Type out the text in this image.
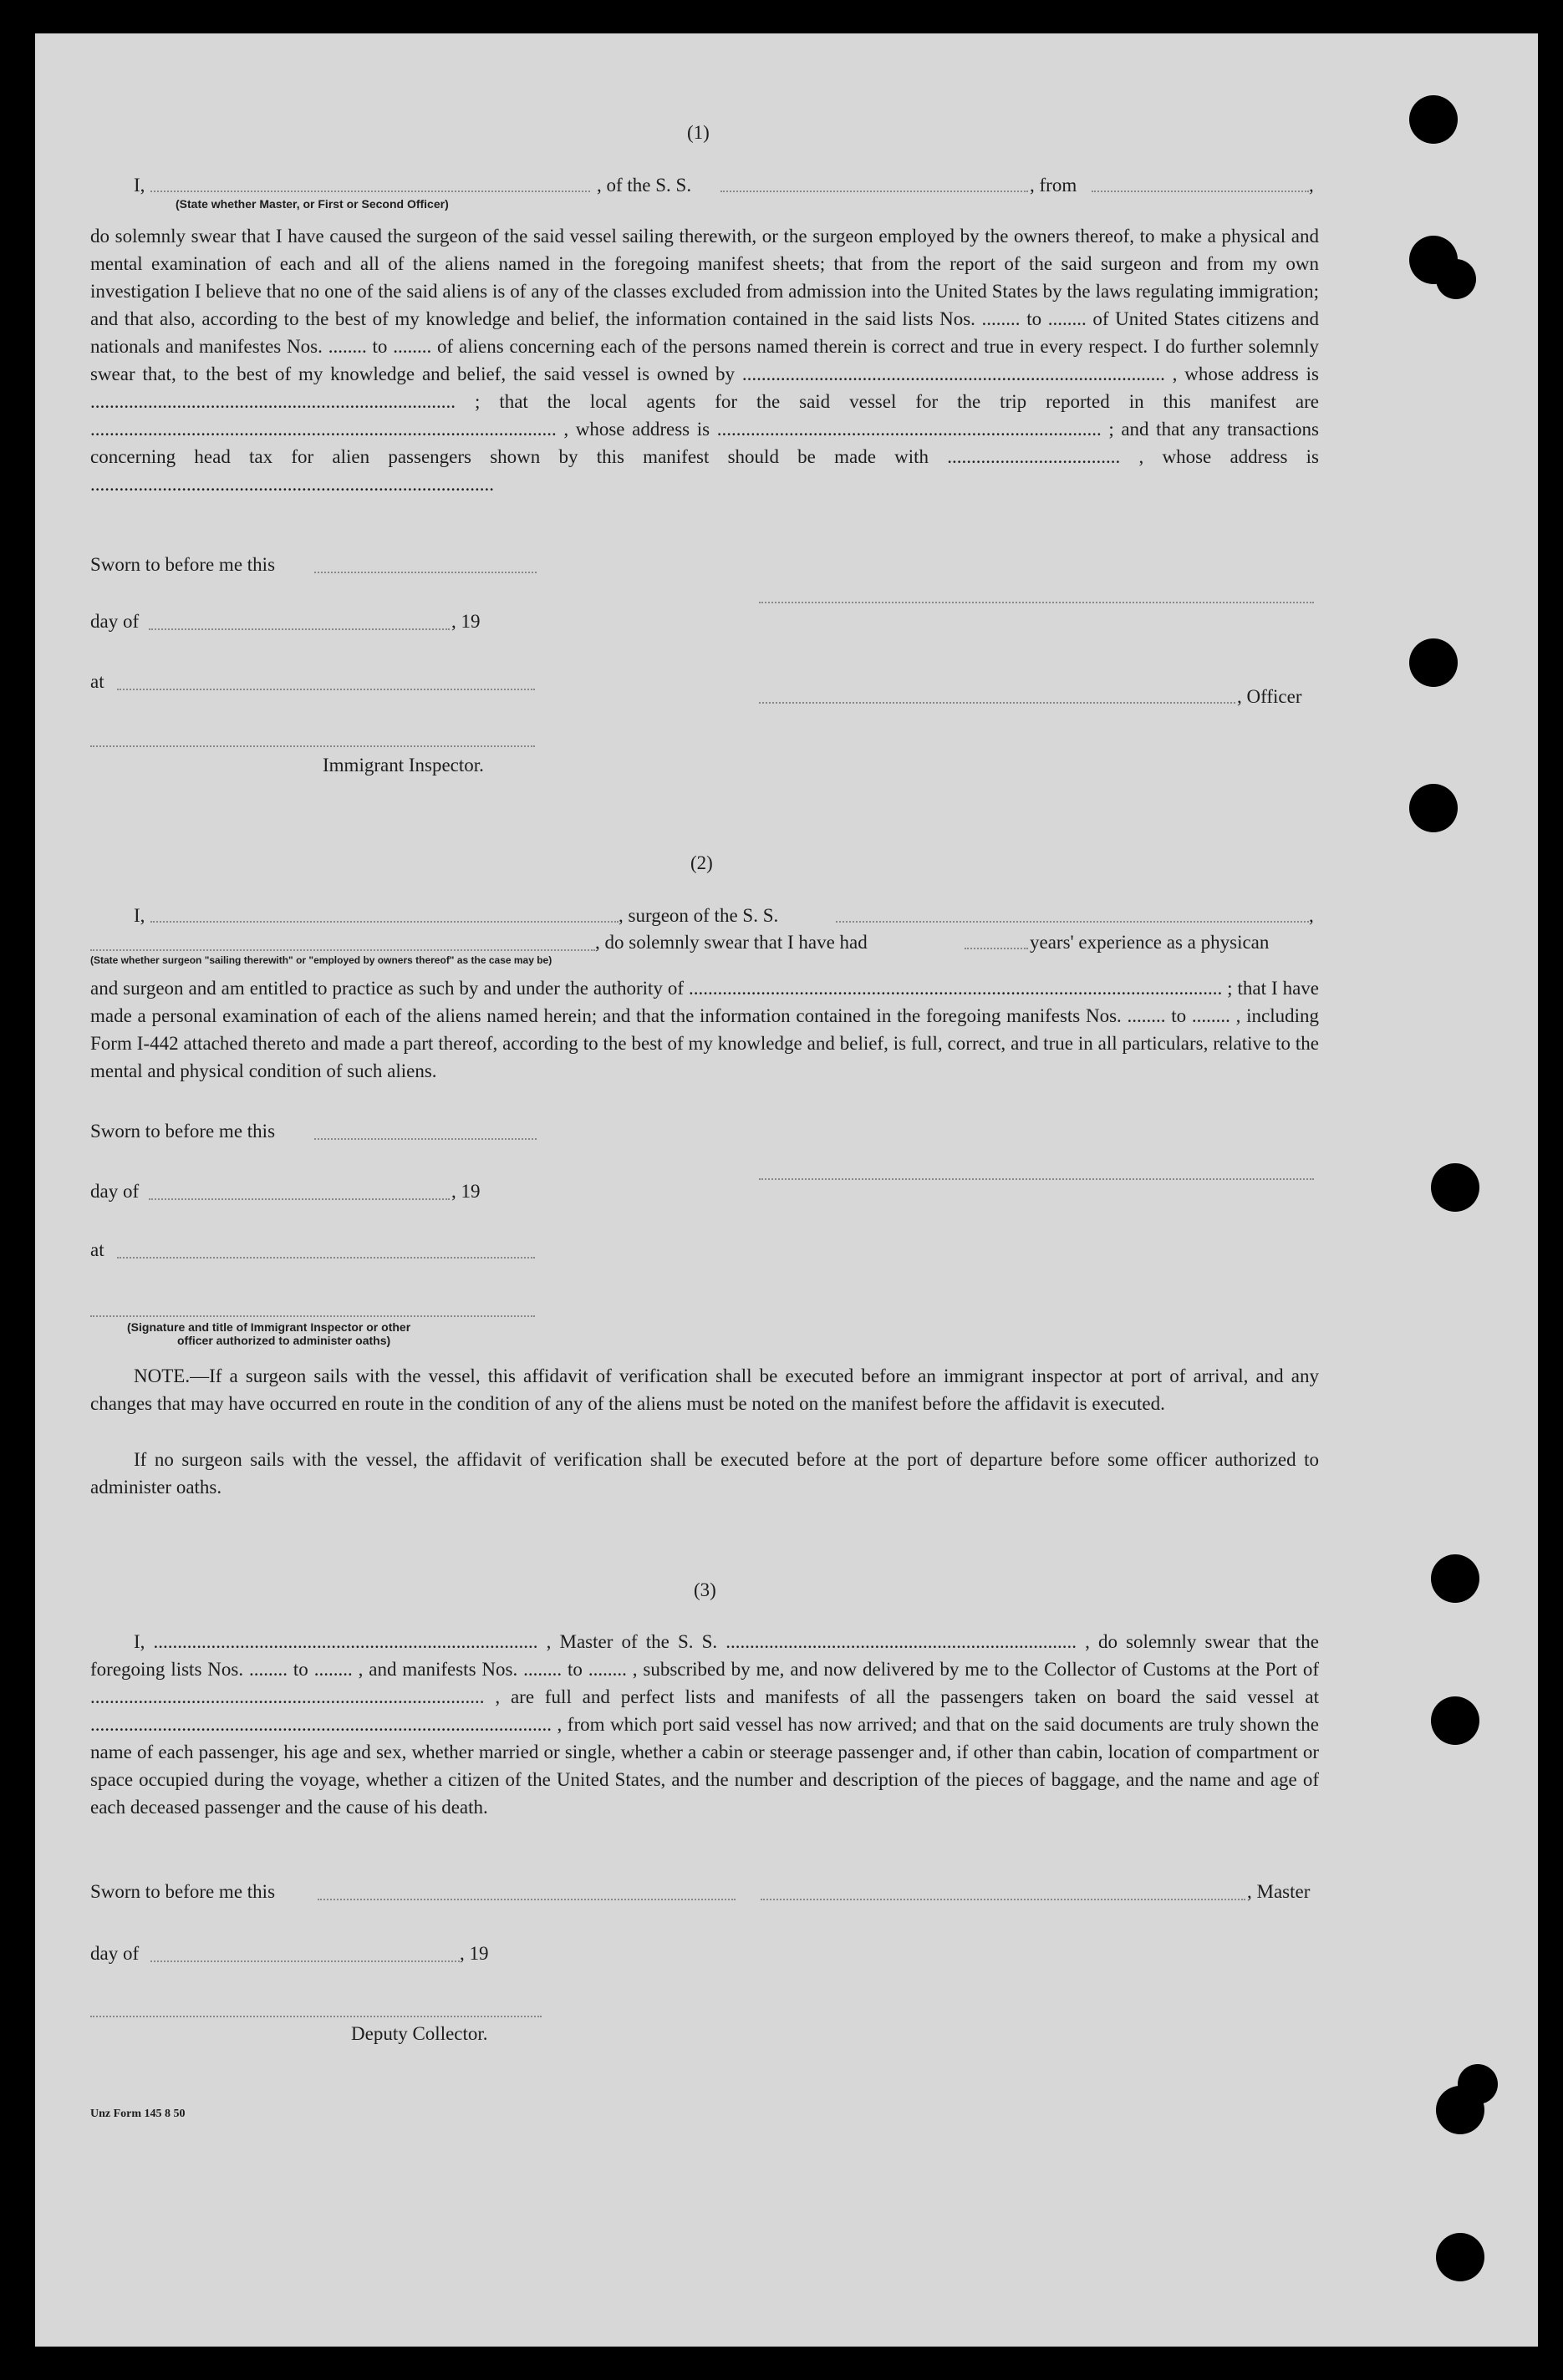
(1)
I,	, of the S. S.	, from	,
(State whether Master, or First or Second Officer)
do solemnly swear that I have caused the surgeon of the said vessel sailing therewith, or the surgeon employed by the owners thereof, to make a physical and mental examination of each and all of the aliens named in the foregoing manifest sheets; that from the report of the said surgeon and from my own investigation I believe that no one of the said aliens is of any of the classes excluded from admission into the United States by the laws regulating immigration; and that also, according to the best of my knowledge and belief, the information contained in the said lists Nos. ........ to ........ of United States citizens and nationals and manifestes Nos. ........ to ........ of aliens concerning each of the persons named therein is correct and true in every respect. I do further solemnly swear that, to the best of my knowledge and belief, the said vessel is owned by ........................................................................................ , whose address is ............................................................................ ; that the local agents for the said vessel for the trip reported in this manifest are ................................................................................................. , whose address is ................................................................................ ; and that any transactions concerning head tax for alien passengers shown by this manifest should be made with .................................... , whose address is ....................................................................................
Sworn to before me this
day of	, 19
at
, Officer
Immigrant Inspector.
(2)
I,	, surgeon of the S. S.	,
, do solemnly swear that I have had	years' experience as a physican
(State whether surgeon "sailing therewith" or "employed by owners thereof" as the case may be)
and surgeon and am entitled to practice as such by and under the authority of ............................................................................................................... ; that I have made a personal examination of each of the aliens named herein; and that the information contained in the foregoing manifests Nos. ........ to ........ , including Form I-442 attached thereto and made a part thereof, according to the best of my knowledge and belief, is full, correct, and true in all particulars, relative to the mental and physical condition of such aliens.
Sworn to before me this
day of	, 19
at
(Signature and title of Immigrant Inspector or other
officer authorized to administer oaths)
NOTE.—If a surgeon sails with the vessel, this affidavit of verification shall be executed before an immigrant inspector at port of arrival, and any changes that may have occurred en route in the condition of any of the aliens must be noted on the manifest before the affidavit is executed.
If no surgeon sails with the vessel, the affidavit of verification shall be executed before at the port of departure before some officer authorized to administer oaths.
(3)
I, ................................................................................ , Master of the S. S. ......................................................................... , do solemnly swear that the foregoing lists Nos. ........ to ........ , and manifests Nos. ........ to ........ , subscribed by me, and now delivered by me to the Collector of Customs at the Port of .................................................................................. , are full and perfect lists and manifests of all the passengers taken on board the said vessel at ................................................................................................ , from which port said vessel has now arrived; and that on the said documents are truly shown the name of each passenger, his age and sex, whether married or single, whether a cabin or steerage passenger and, if other than cabin, location of compartment or space occupied during the voyage, whether a citizen of the United States, and the number and description of the pieces of baggage, and the name and age of each deceased passenger and the cause of his death.
Sworn to before me this	, Master
day of	, 19
Deputy Collector.
Unz Form 145 8 50
